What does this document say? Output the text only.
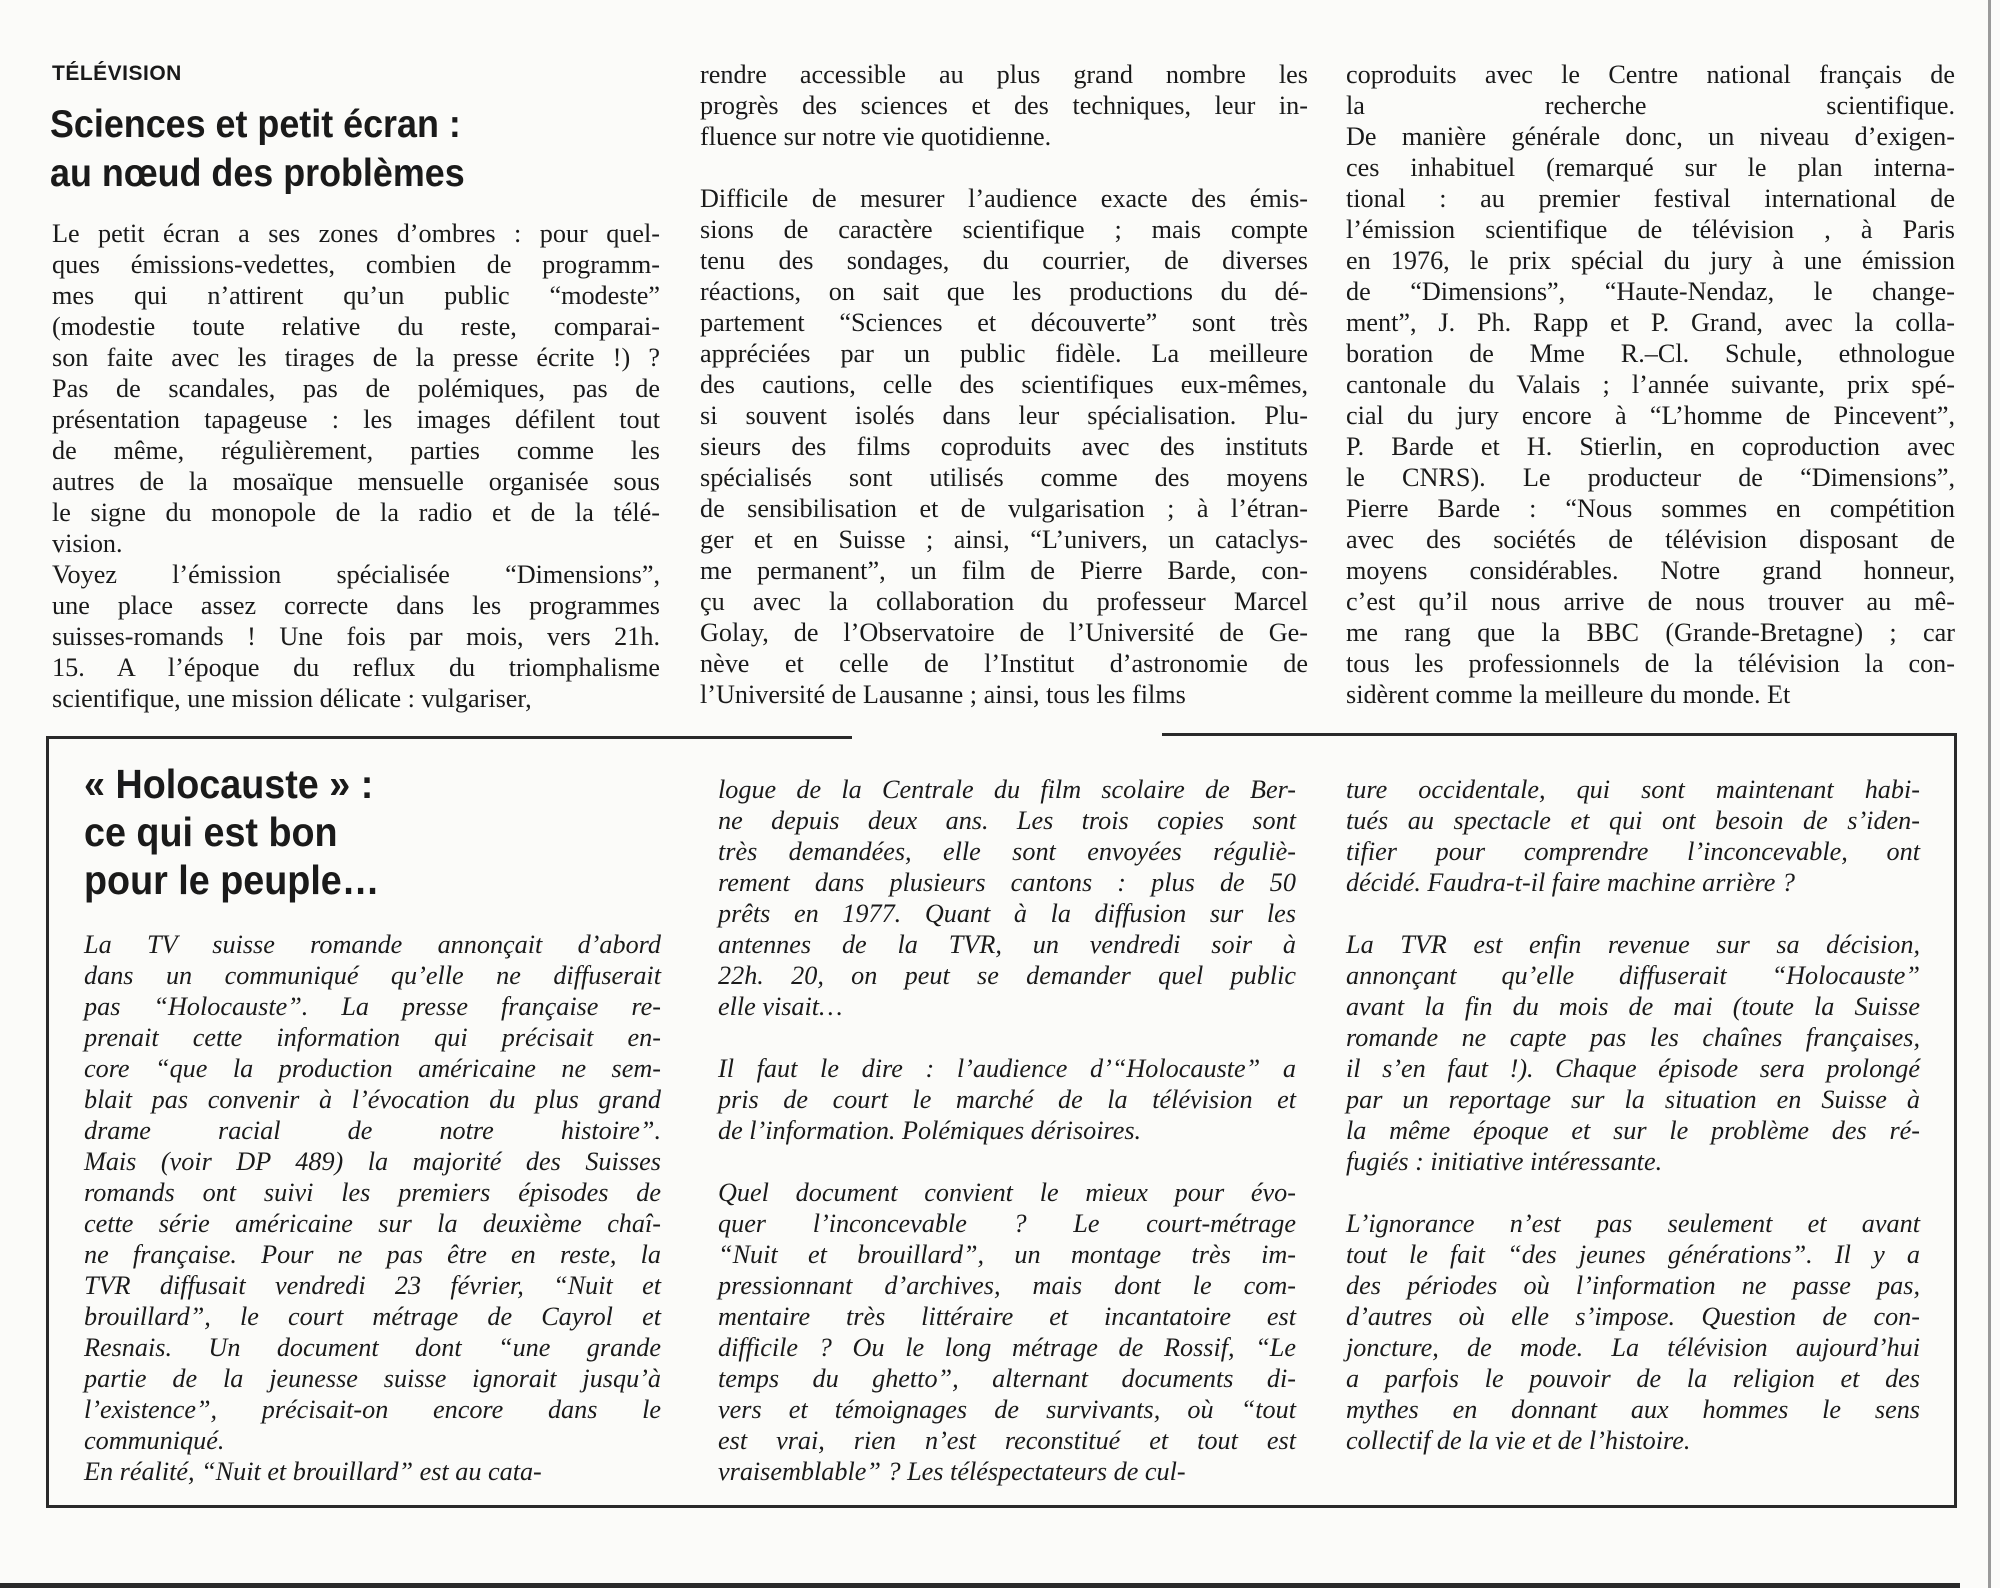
TÉLÉVISION
Sciences et petit écran :
au nœud des problèmes
Le petit écran a ses zones d’ombres : pour quel-
ques émissions-vedettes, combien de programm-
mes qui n’attirent qu’un public “modeste”
(modestie toute relative du reste, comparai-
son faite avec les tirages de la presse écrite !) ?
Pas de scandales, pas de polémiques, pas de
présentation tapageuse : les images défilent tout
de même, régulièrement, parties comme les
autres de la mosaïque mensuelle organisée sous
le signe du monopole de la radio et de la télé-
vision.
Voyez l’émission spécialisée “Dimensions”,
une place assez correcte dans les programmes
suisses-romands ! Une fois par mois, vers 21h.
15. A l’époque du reflux du triomphalisme
scientifique, une mission délicate : vulgariser,
rendre accessible au plus grand nombre les
progrès des sciences et des techniques, leur in-
fluence sur notre vie quotidienne.
Difficile de mesurer l’audience exacte des émis-
sions de caractère scientifique ; mais compte
tenu des sondages, du courrier, de diverses
réactions, on sait que les productions du dé-
partement “Sciences et découverte” sont très
appréciées par un public fidèle. La meilleure
des cautions, celle des scientifiques eux-mêmes,
si souvent isolés dans leur spécialisation. Plu-
sieurs des films coproduits avec des instituts
spécialisés sont utilisés comme des moyens
de sensibilisation et de vulgarisation ; à l’étran-
ger et en Suisse ; ainsi, “L’univers, un cataclys-
me permanent”, un film de Pierre Barde, con-
çu avec la collaboration du professeur Marcel
Golay, de l’Observatoire de l’Université de Ge-
nève et celle de l’Institut d’astronomie de
l’Université de Lausanne ; ainsi, tous les films
coproduits avec le Centre national français de
la recherche scientifique.
De manière générale donc, un niveau d’exigen-
ces inhabituel (remarqué sur le plan interna-
tional : au premier festival international de
l’émission scientifique de télévision , à Paris
en 1976, le prix spécial du jury à une émission
de “Dimensions”, “Haute-Nendaz, le change-
ment”, J. Ph. Rapp et P. Grand, avec la colla-
boration de Mme R.–Cl. Schule, ethnologue
cantonale du Valais ; l’année suivante, prix spé-
cial du jury encore à “L’homme de Pincevent”,
P. Barde et H. Stierlin, en coproduction avec
le CNRS). Le producteur de “Dimensions”,
Pierre Barde : “Nous sommes en compétition
avec des sociétés de télévision disposant de
moyens considérables. Notre grand honneur,
c’est qu’il nous arrive de nous trouver au mê-
me rang que la BBC (Grande-Bretagne) ; car
tous les professionnels de la télévision la con-
sidèrent comme la meilleure du monde. Et
« Holocauste » :
ce qui est bon
pour le peuple…
La TV suisse romande annonçait d’abord
dans un communiqué qu’elle ne diffuserait
pas “Holocauste”. La presse française re-
prenait cette information qui précisait en-
core “que la production américaine ne sem-
blait pas convenir à l’évocation du plus grand
drame racial de notre histoire”.
Mais (voir DP 489) la majorité des Suisses
romands ont suivi les premiers épisodes de
cette série américaine sur la deuxième chaî-
ne française. Pour ne pas être en reste, la
TVR diffusait vendredi 23 février, “Nuit et
brouillard”, le court métrage de Cayrol et
Resnais. Un document dont “une grande
partie de la jeunesse suisse ignorait jusqu’à
l’existence”, précisait-on encore dans le
communiqué.
En réalité, “Nuit et brouillard” est au cata-
logue de la Centrale du film scolaire de Ber-
ne depuis deux ans. Les trois copies sont
très demandées, elle sont envoyées réguliè-
rement dans plusieurs cantons : plus de 50
prêts en 1977. Quant à la diffusion sur les
antennes de la TVR, un vendredi soir à
22h. 20, on peut se demander quel public
elle visait…
Il faut le dire : l’audience d’“Holocauste” a
pris de court le marché de la télévision et
de l’information. Polémiques dérisoires.
Quel document convient le mieux pour évo-
quer l’inconcevable ? Le court-métrage
“Nuit et brouillard”, un montage très im-
pressionnant d’archives, mais dont le com-
mentaire très littéraire et incantatoire est
difficile ? Ou le long métrage de Rossif, “Le
temps du ghetto”, alternant documents di-
vers et témoignages de survivants, où “tout
est vrai, rien n’est reconstitué et tout est
vraisemblable” ? Les téléspectateurs de cul-
ture occidentale, qui sont maintenant habi-
tués au spectacle et qui ont besoin de s’iden-
tifier pour comprendre l’inconcevable, ont
décidé. Faudra-t-il faire machine arrière ?
La TVR est enfin revenue sur sa décision,
annonçant qu’elle diffuserait “Holocauste”
avant la fin du mois de mai (toute la Suisse
romande ne capte pas les chaînes françaises,
il s’en faut !). Chaque épisode sera prolongé
par un reportage sur la situation en Suisse à
la même époque et sur le problème des ré-
fugiés : initiative intéressante.
L’ignorance n’est pas seulement et avant
tout le fait “des jeunes générations”. Il y a
des périodes où l’information ne passe pas,
d’autres où elle s’impose. Question de con-
joncture, de mode. La télévision aujourd’hui
a parfois le pouvoir de la religion et des
mythes en donnant aux hommes le sens
collectif de la vie et de l’histoire.
